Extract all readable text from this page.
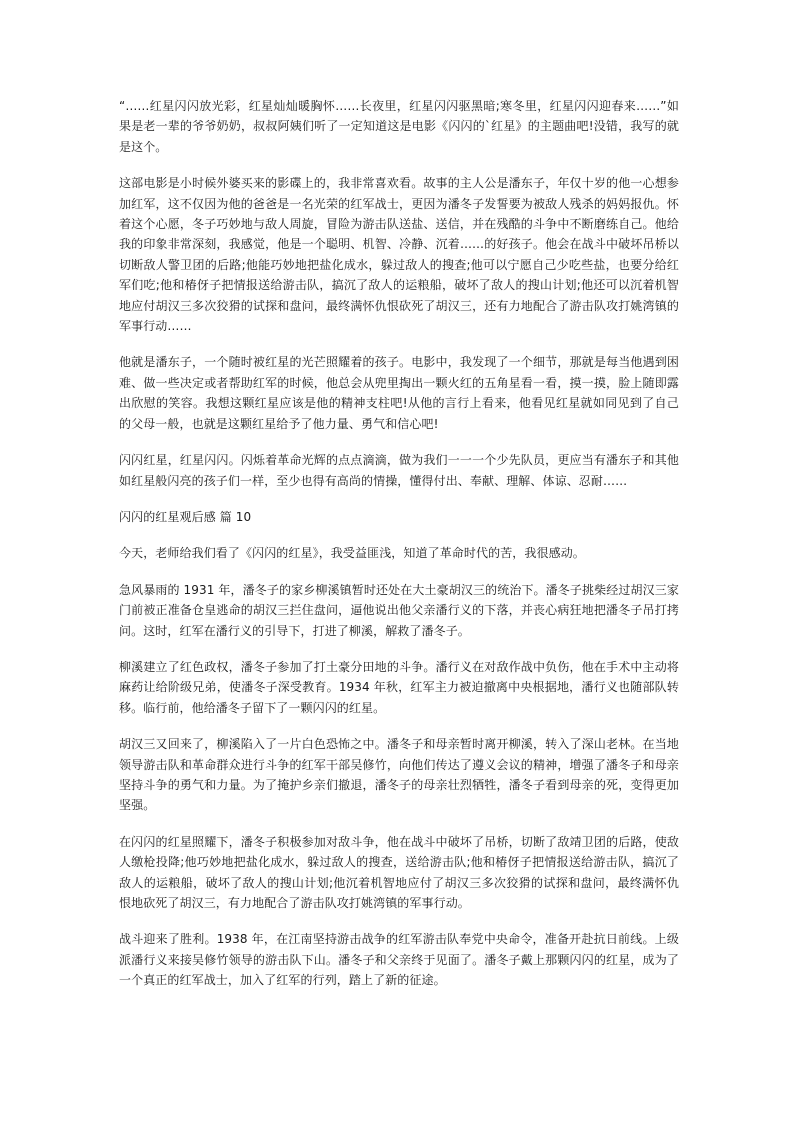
“……红星闪闪放光彩，红星灿灿暖胸怀……长夜里，红星闪闪驱黑暗;寒冬里，红星闪闪迎春来……”如果是老一辈的爷爷奶奶，叔叔阿姨们听了一定知道这是电影《闪闪的`红星》的主题曲吧!没错，我写的就是这个。

这部电影是小时候外婆买来的影碟上的，我非常喜欢看。故事的主人公是潘东子，年仅十岁的他一心想参加红军，这不仅因为他的爸爸是一名光荣的红军战士，更因为潘冬子发誓要为被敌人残杀的妈妈报仇。怀着这个心愿，冬子巧妙地与敌人周旋，冒险为游击队送盐、送信，并在残酷的斗争中不断磨练自己。他给我的印象非常深刻，我感觉，他是一个聪明、机智、冷静、沉着……的好孩子。他会在战斗中破坏吊桥以切断敌人警卫团的后路;他能巧妙地把盐化成水，躲过敌人的搜查;他可以宁愿自己少吃些盐，也要分给红军们吃;他和椿伢子把情报送给游击队，搞沉了敌人的运粮船，破坏了敌人的搜山计划;他还可以沉着机智地应付胡汉三多次狡猾的试探和盘问，最终满怀仇恨砍死了胡汉三，还有力地配合了游击队攻打姚湾镇的军事行动……

他就是潘东子，一个随时被红星的光芒照耀着的孩子。电影中，我发现了一个细节，那就是每当他遇到困难、做一些决定或者帮助红军的时候，他总会从兜里掏出一颗火红的五角星看一看，摸一摸，脸上随即露出欣慰的笑容。我想这颗红星应该是他的精神支柱吧!从他的言行上看来，他看见红星就如同见到了自己的父母一般，也就是这颗红星给予了他力量、勇气和信心吧!

闪闪红星，红星闪闪。闪烁着革命光辉的点点滴滴，做为我们一一一个少先队员，更应当有潘东子和其他如红星般闪亮的孩子们一样，至少也得有高尚的情操，懂得付出、奉献、理解、体谅、忍耐……

闪闪的红星观后感 篇 10

今天，老师给我们看了《闪闪的红星》，我受益匪浅，知道了革命时代的苦，我很感动。

急风暴雨的 1931 年，潘冬子的家乡柳溪镇暂时还处在大土豪胡汉三的统治下。潘冬子挑柴经过胡汉三家门前被正准备仓皇逃命的胡汉三拦住盘问，逼他说出他父亲潘行义的下落，并丧心病狂地把潘冬子吊打拷问。这时，红军在潘行义的引导下，打进了柳溪，解救了潘冬子。

柳溪建立了红色政权，潘冬子参加了打土豪分田地的斗争。潘行义在对敌作战中负伤，他在手术中主动将麻药让给阶级兄弟，使潘冬子深受教育。1934 年秋，红军主力被迫撤离中央根据地，潘行义也随部队转移。临行前，他给潘冬子留下了一颗闪闪的红星。

胡汉三又回来了，柳溪陷入了一片白色恐怖之中。潘冬子和母亲暂时离开柳溪，转入了深山老林。在当地领导游击队和革命群众进行斗争的红军干部吴修竹，向他们传达了遵义会议的精神，增强了潘冬子和母亲坚持斗争的勇气和力量。为了掩护乡亲们撤退，潘冬子的母亲壮烈牺牲，潘冬子看到母亲的死，变得更加坚强。

在闪闪的红星照耀下，潘冬子积极参加对敌斗争，他在战斗中破坏了吊桥，切断了敌靖卫团的后路，使敌人缴枪投降;他巧妙地把盐化成水，躲过敌人的搜查，送给游击队;他和椿伢子把情报送给游击队，搞沉了敌人的运粮船，破坏了敌人的搜山计划;他沉着机智地应付了胡汉三多次狡猾的试探和盘问，最终满怀仇恨地砍死了胡汉三，有力地配合了游击队攻打姚湾镇的军事行动。

战斗迎来了胜利。1938 年，在江南坚持游击战争的红军游击队奉党中央命令，准备开赴抗日前线。上级派潘行义来接吴修竹领导的游击队下山。潘冬子和父亲终于见面了。潘冬子戴上那颗闪闪的红星，成为了一个真正的红军战士，加入了红军的行列，踏上了新的征途。
